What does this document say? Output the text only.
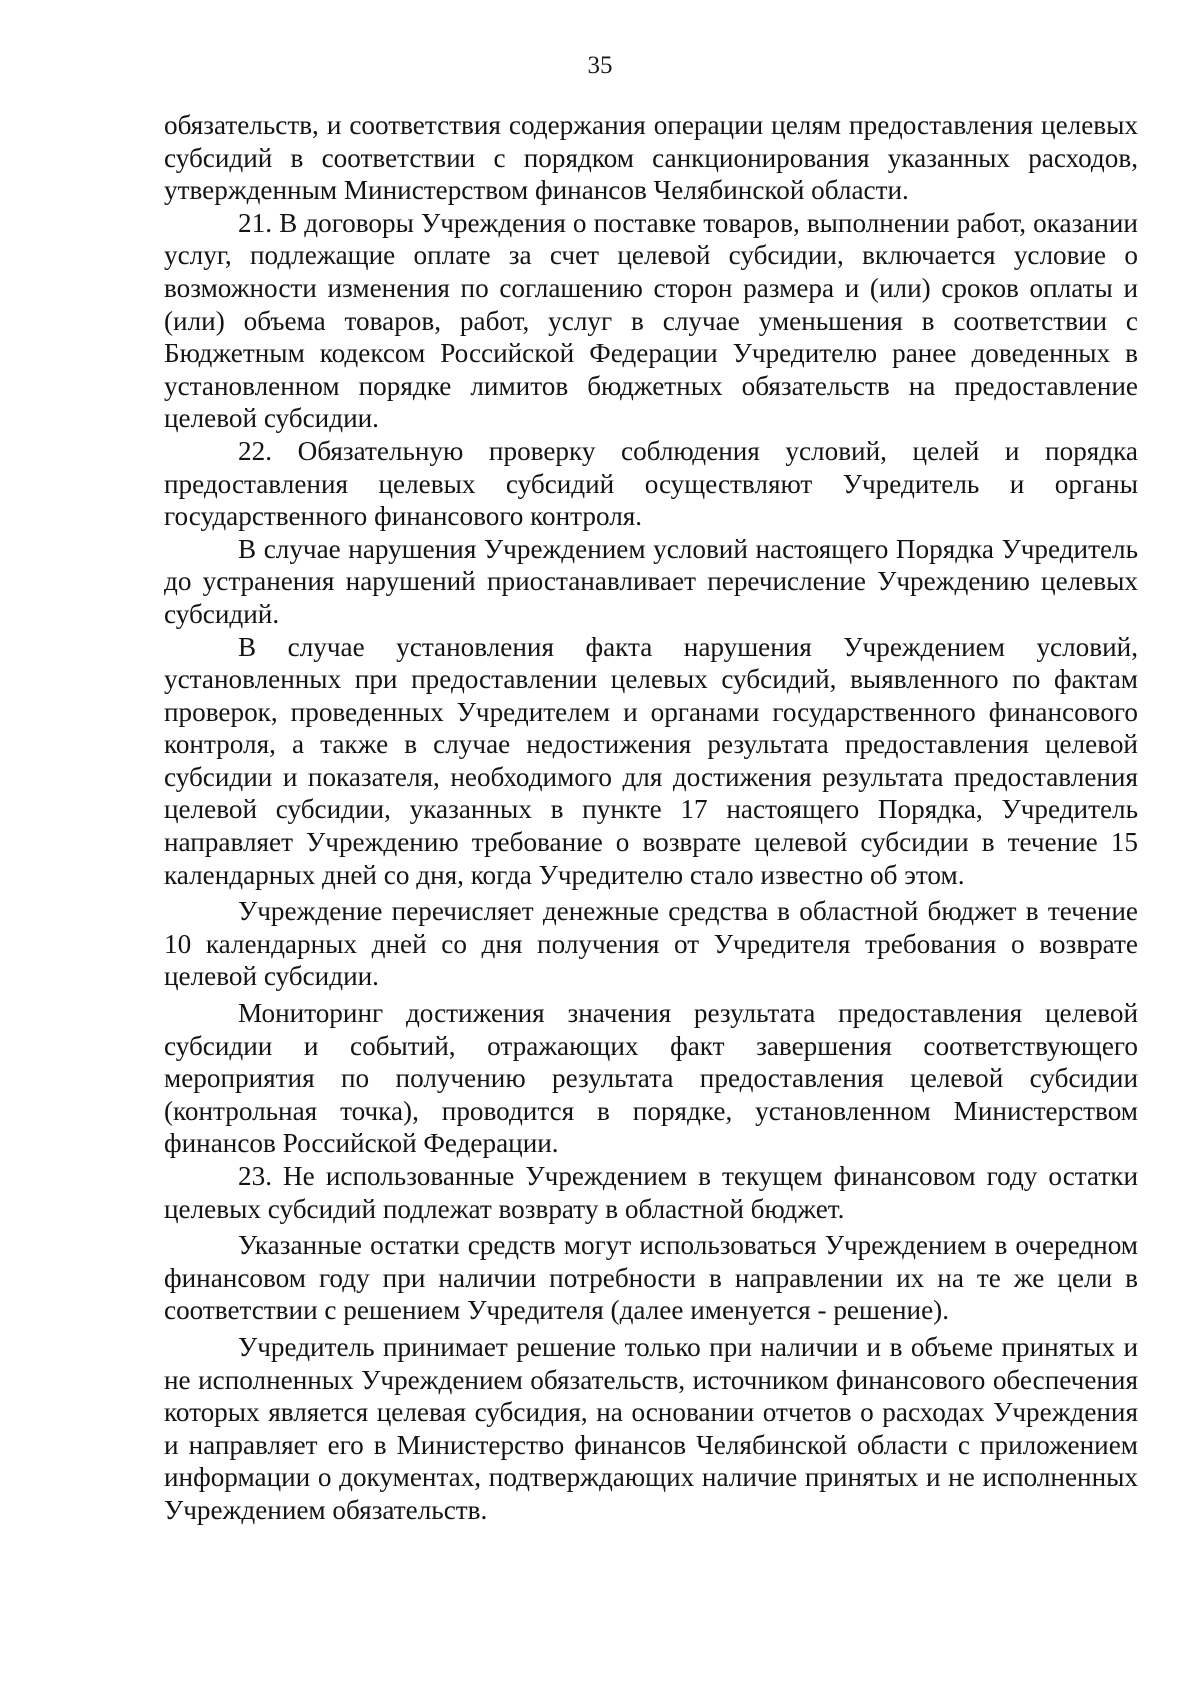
35

обязательств, и соответствия содержания операции целям предоставления целевых субсидий в соответствии с порядком санкционирования указанных расходов, утвержденным Министерством финансов Челябинской области.

21. В договоры Учреждения о поставке товаров, выполнении работ, оказании услуг, подлежащие оплате за счет целевой субсидии, включается условие о возможности изменения по соглашению сторон размера и (или) сроков оплаты и (или) объема товаров, работ, услуг в случае уменьшения в соответствии с Бюджетным кодексом Российской Федерации Учредителю ранее доведенных в установленном порядке лимитов бюджетных обязательств на предоставление целевой субсидии.

22. Обязательную проверку соблюдения условий, целей и порядка предоставления целевых субсидий осуществляют Учредитель и органы государственного финансового контроля.

В случае нарушения Учреждением условий настоящего Порядка Учредитель до устранения нарушений приостанавливает перечисление Учреждению целевых субсидий.

В случае установления факта нарушения Учреждением условий, установленных при предоставлении целевых субсидий, выявленного по фактам проверок, проведенных Учредителем и органами государственного финансового контроля, а также в случае недостижения результата предоставления целевой субсидии и показателя, необходимого для достижения результата предоставления целевой субсидии, указанных в пункте 17 настоящего Порядка, Учредитель направляет Учреждению требование о возврате целевой субсидии в течение 15 календарных дней со дня, когда Учредителю стало известно об этом.

Учреждение перечисляет денежные средства в областной бюджет в течение 10 календарных дней со дня получения от Учредителя требования о возврате целевой субсидии.

Мониторинг достижения значения результата предоставления целевой субсидии и событий, отражающих факт завершения соответствующего мероприятия по получению результата предоставления целевой субсидии (контрольная точка), проводится в порядке, установленном Министерством финансов Российской Федерации.

23. Не использованные Учреждением в текущем финансовом году остатки целевых субсидий подлежат возврату в областной бюджет.

Указанные остатки средств могут использоваться Учреждением в очередном финансовом году при наличии потребности в направлении их на те же цели в соответствии с решением Учредителя (далее именуется - решение).

Учредитель принимает решение только при наличии и в объеме принятых и не исполненных Учреждением обязательств, источником финансового обеспечения которых является целевая субсидия, на основании отчетов о расходах Учреждения и направляет его в Министерство финансов Челябинской области с приложением информации о документах, подтверждающих наличие принятых и не исполненных Учреждением обязательств.
